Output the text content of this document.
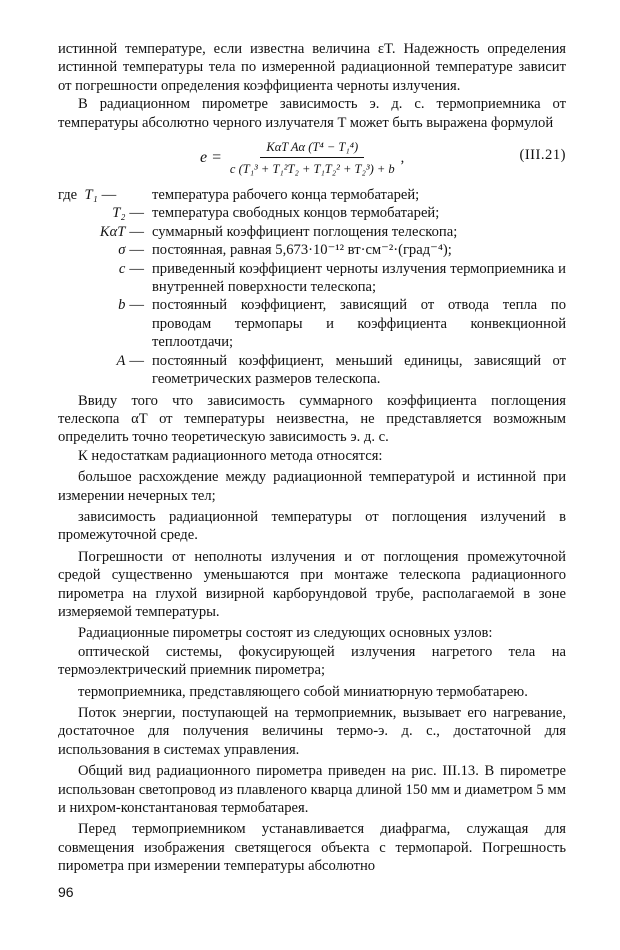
истинной температуре, если известна величина εT. Надежность определения истинной температуры тела по измеренной радиационной температуре зависит от погрешности определения коэффициента черноты излучения.

В радиационном пирометре зависимость э. д. с. термоприемника от температуры абсолютно черного излучателя T может быть выражена формулой

$e = \frac{\text{KαT Aα (T⁴ − T₁⁴)}}{\text{c (T₁³ + T₁²T₂ + T₁T₂² + T₂³) + b}}$ ,	(III.21)
где T₁ —	температура рабочего конца термобатарей;
T₂ — температура свободных концов термобатарей;
KαT — суммарный коэффициент поглощения телескопа;
σ — постоянная, равная 5,673·10⁻¹² вт·см⁻²·(град⁻⁴);
c — приведенный коэффициент черноты излучения термоприемника и внутренней поверхности телескопа;
b — постоянный коэффициент, зависящий от отвода тепла по проводам термопары и коэффициента конвекционной теплоотдачи;
A — постоянный коэффициент, меньший единицы, зависящий от геометрических размеров телескопа.

Ввиду того что зависимость суммарного коэффициента поглощения телескопа αT от температуры неизвестна, не представляется возможным определить точно теоретическую зависимость э. д. с.

К недостаткам радиационного метода относятся:

большое расхождение между радиационной температурой и истинной при измерении нечерных тел;

зависимость радиационной температуры от поглощения излучений в промежуточной среде.

Погрешности от неполноты излучения и от поглощения промежуточной средой существенно уменьшаются при монтаже телескопа радиационного пирометра на глухой визирной карборундовой трубе, располагаемой в зоне измеряемой температуры.

Радиационные пирометры состоят из следующих основных узлов:

оптической системы, фокусирующей излучения нагретого тела на термоэлектрический приемник пирометра;

термоприемника, представляющего собой миниатюрную термобатарею.

Поток энергии, поступающей на термоприемник, вызывает его нагревание, достаточное для получения величины термо-э. д. с., достаточной для использования в системах управления.

Общий вид радиационного пирометра приведен на рис. III.13. В пирометре использован светопровод из плавленого кварца длиной 150 мм и диаметром 5 мм и нихром-константановая термобатарея.

Перед термоприемником устанавливается диафрагма, служащая для совмещения изображения светящегося объекта с термопарой. Погрешность пирометра при измерении температуры абсолютно

96
